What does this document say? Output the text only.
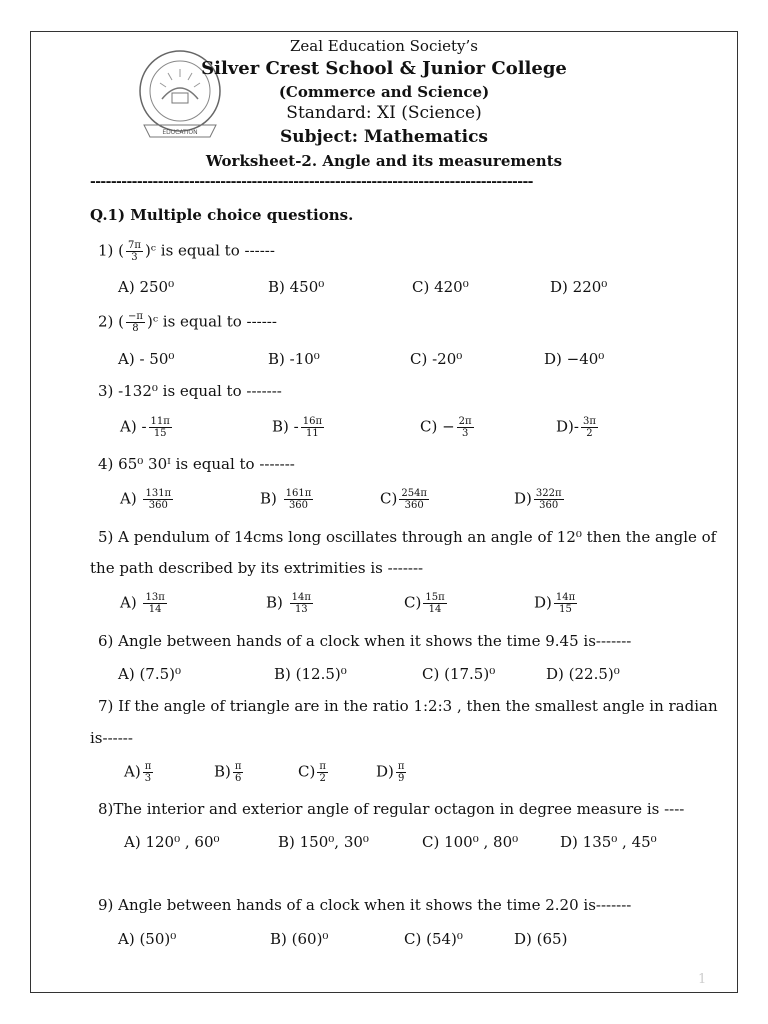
EDUCATION
Zeal Education Society’s
Silver Crest School & Junior College
(Commerce and Science)
Standard: XI (Science)
Subject: Mathematics
Worksheet-2. Angle and its measurements
-------------------------------------------------------------------------------------
Q.1) Multiple choice questions.
1) ( $\frac{7\pi}{3}$ )ᶜ is equal to ------
A) 250⁰	B) 450⁰	C) 420⁰	D) 220⁰
2) ( $\frac{-\pi}{8}$ )ᶜ is equal to ------
A) - 50⁰	B) -10⁰	C) -20⁰	D) −40⁰
3) -132⁰ is equal to -------
$A) - \frac{11\pi}{15}$	$B) - \frac{16\pi}{11}$	$C) - \frac{2\pi}{3}$	$D)- \frac{3\pi}{2}$
4) 65⁰ 30ᴵ is equal to -------
$A) \frac{131\pi}{360}$	$B) \frac{161\pi}{360}$	$C) \frac{254\pi}{360}$	$D) \frac{322\pi}{360}$
5) A pendulum of 14cms long oscillates through an angle of 12⁰ then the angle of
the path described by its extrimities is -------
$A) \frac{13\pi}{14}$	$B) \frac{14\pi}{13}$	$C) \frac{15\pi}{14}$	$D) \frac{14\pi}{15}$
6) Angle between hands of a clock when it shows the time 9.45 is-------
A) (7.5)⁰	B) (12.5)⁰	C) (17.5)⁰	D) (22.5)⁰
7) If the angle of triangle are in the ratio 1:2:3 , then the smallest angle in radian
is------
$A) \frac{\pi}{3}$	$B) \frac{\pi}{6}$	$C) \frac{\pi}{2}$	$D) \frac{\pi}{9}$
8)The interior and exterior angle of regular octagon in degree measure is ----
A) 120⁰ , 60⁰	B) 150⁰, 30⁰	C) 100⁰ , 80⁰	D) 135⁰ , 45⁰
9) Angle between hands of a clock when it shows the time 2.20 is-------
A) (50)⁰	B) (60)⁰	C) (54)⁰	D) (65)
1
